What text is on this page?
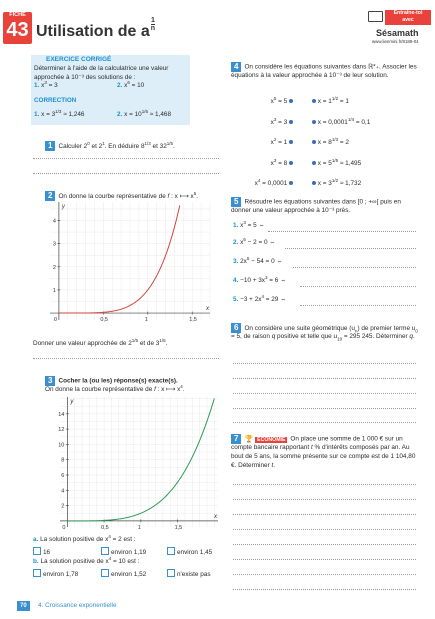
FICHE
43 Utilisation de a $\frac{1}{n}$
Entraîne-toi
avec
Sésamath
www.lienmini.fr/8188-04
EXERCICE CORRIGÉ
Déterminer à l'aide de la calculatrice une valeur approchée à 10⁻³ des solutions de :
1. $x^3 = 3$	2. $x^6 = 10$
CORRECTION
1. $x = 3^{1/3} \approx 1,246$	2. $x = 10^{1/6} \approx 1,468$
1 Calculer $2^0$ et $2^1$. En déduire $8^{1/3}$ et $32^{1/5}$.
2 On donne la courbe représentative de f : x ⟼ $x^5$.
x
y
0	0,5	1	1,5
1
2
3
4
Donner une valeur approchée de $2^{1/5}$ et de $3^{1/5}$.
3 Cocher la (ou les) réponse(s) exacte(s).
On donne la courbe représentative de f : x ⟼ $x^4$.
x
y
0	0,5	1	1,5
2
4
6
8
10
12
14
a. La solution positive de $x^4 = 2$ est :
16	environ 1,19	environ 1,45
b. La solution positive de $x^4 = 10$ est :
environ 1,78	environ 1,52	n'existe pas
4 On considère les équations suivantes dans ℝ*₊. Associer les équations à la valeur approchée à 10⁻³ de leur solution.
$x^5 = 5$
$x^3 = 3$
$x^2 = 1$
$x^3 = 8$
$x^4 = 0,0001$
$x = 1^{1/2} = 1$
$x = 0,0001^{1/4} = 0,1$
$x = 8^{1/3} = 2$
$x = 5^{1/5} \approx 1,495$
$x = 3^{1/2} \approx 1,732$
5 Résoudre les équations suivantes dans [0 ; +∞[ puis en donner une valeur approchée à 10⁻³ près.
1. $x^3 = 5$ ⇔
2. $x^6 - 2 = 0$ ⇔
3. $2x^5 - 54 = 0$ ⇔
4. $-10 + 3x^3 = 6$ ⇔
5. $-3 + 2x^4 = 29$ ⇔
6 On considère une suite géométrique $(u_n)$ de premier terme $u_0 = 5$, de raison q positive et telle que $u_{10} = 295$ 245. Déterminer q.
7 🏆 ÉCONOMIE On place une somme de 1 000 € sur un compte bancaire rapportant t % d'intérêts composés par an. Au bout de 5 ans, la somme présente sur ce compte est de 1 104,80 €. Déterminer t.
70	4. Croissance exponentielle
